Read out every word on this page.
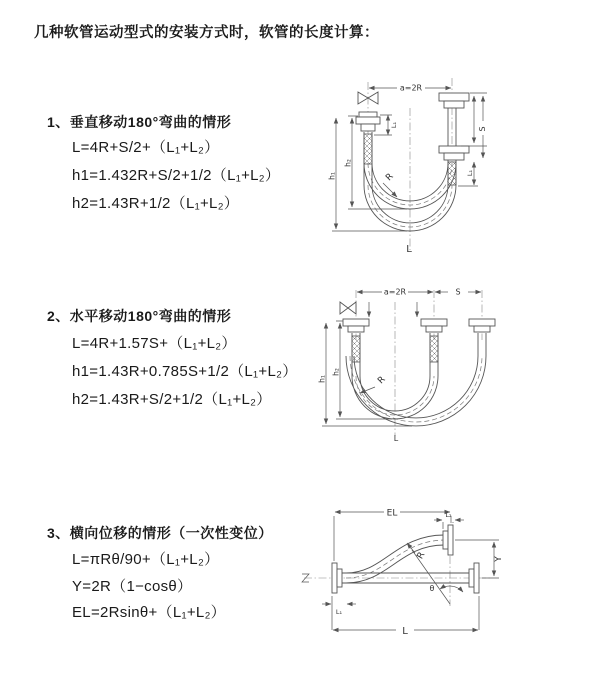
几种软管运动型式的安装方式时，软管的长度计算：
1、垂直移动180°弯曲的情形
L=4R+S/2+（L₁+L₂）
h1=1.432R+S/2+1/2（L₁+L₂）
h2=1.43R+1/2（L₁+L₂）
2、水平移动180°弯曲的情形
L=4R+1.57S+（L₁+L₂）
h1=1.43R+0.785S+1/2（L₁+L₂）
h2=1.43R+S/2+1/2（L₁+L₂）
3、横向位移的情形（一次性变位）
L=πRθ/90+（L₁+L₂）
Y=2R（1−cosθ）
EL=2Rsinθ+（L₁+L₂）
a=2R
S
L₁
L₁
h₂
h₁	R
L
a=2R	S
h₂
h₁	R
L
EL	L₂
Y
R
θ
L
L₁
